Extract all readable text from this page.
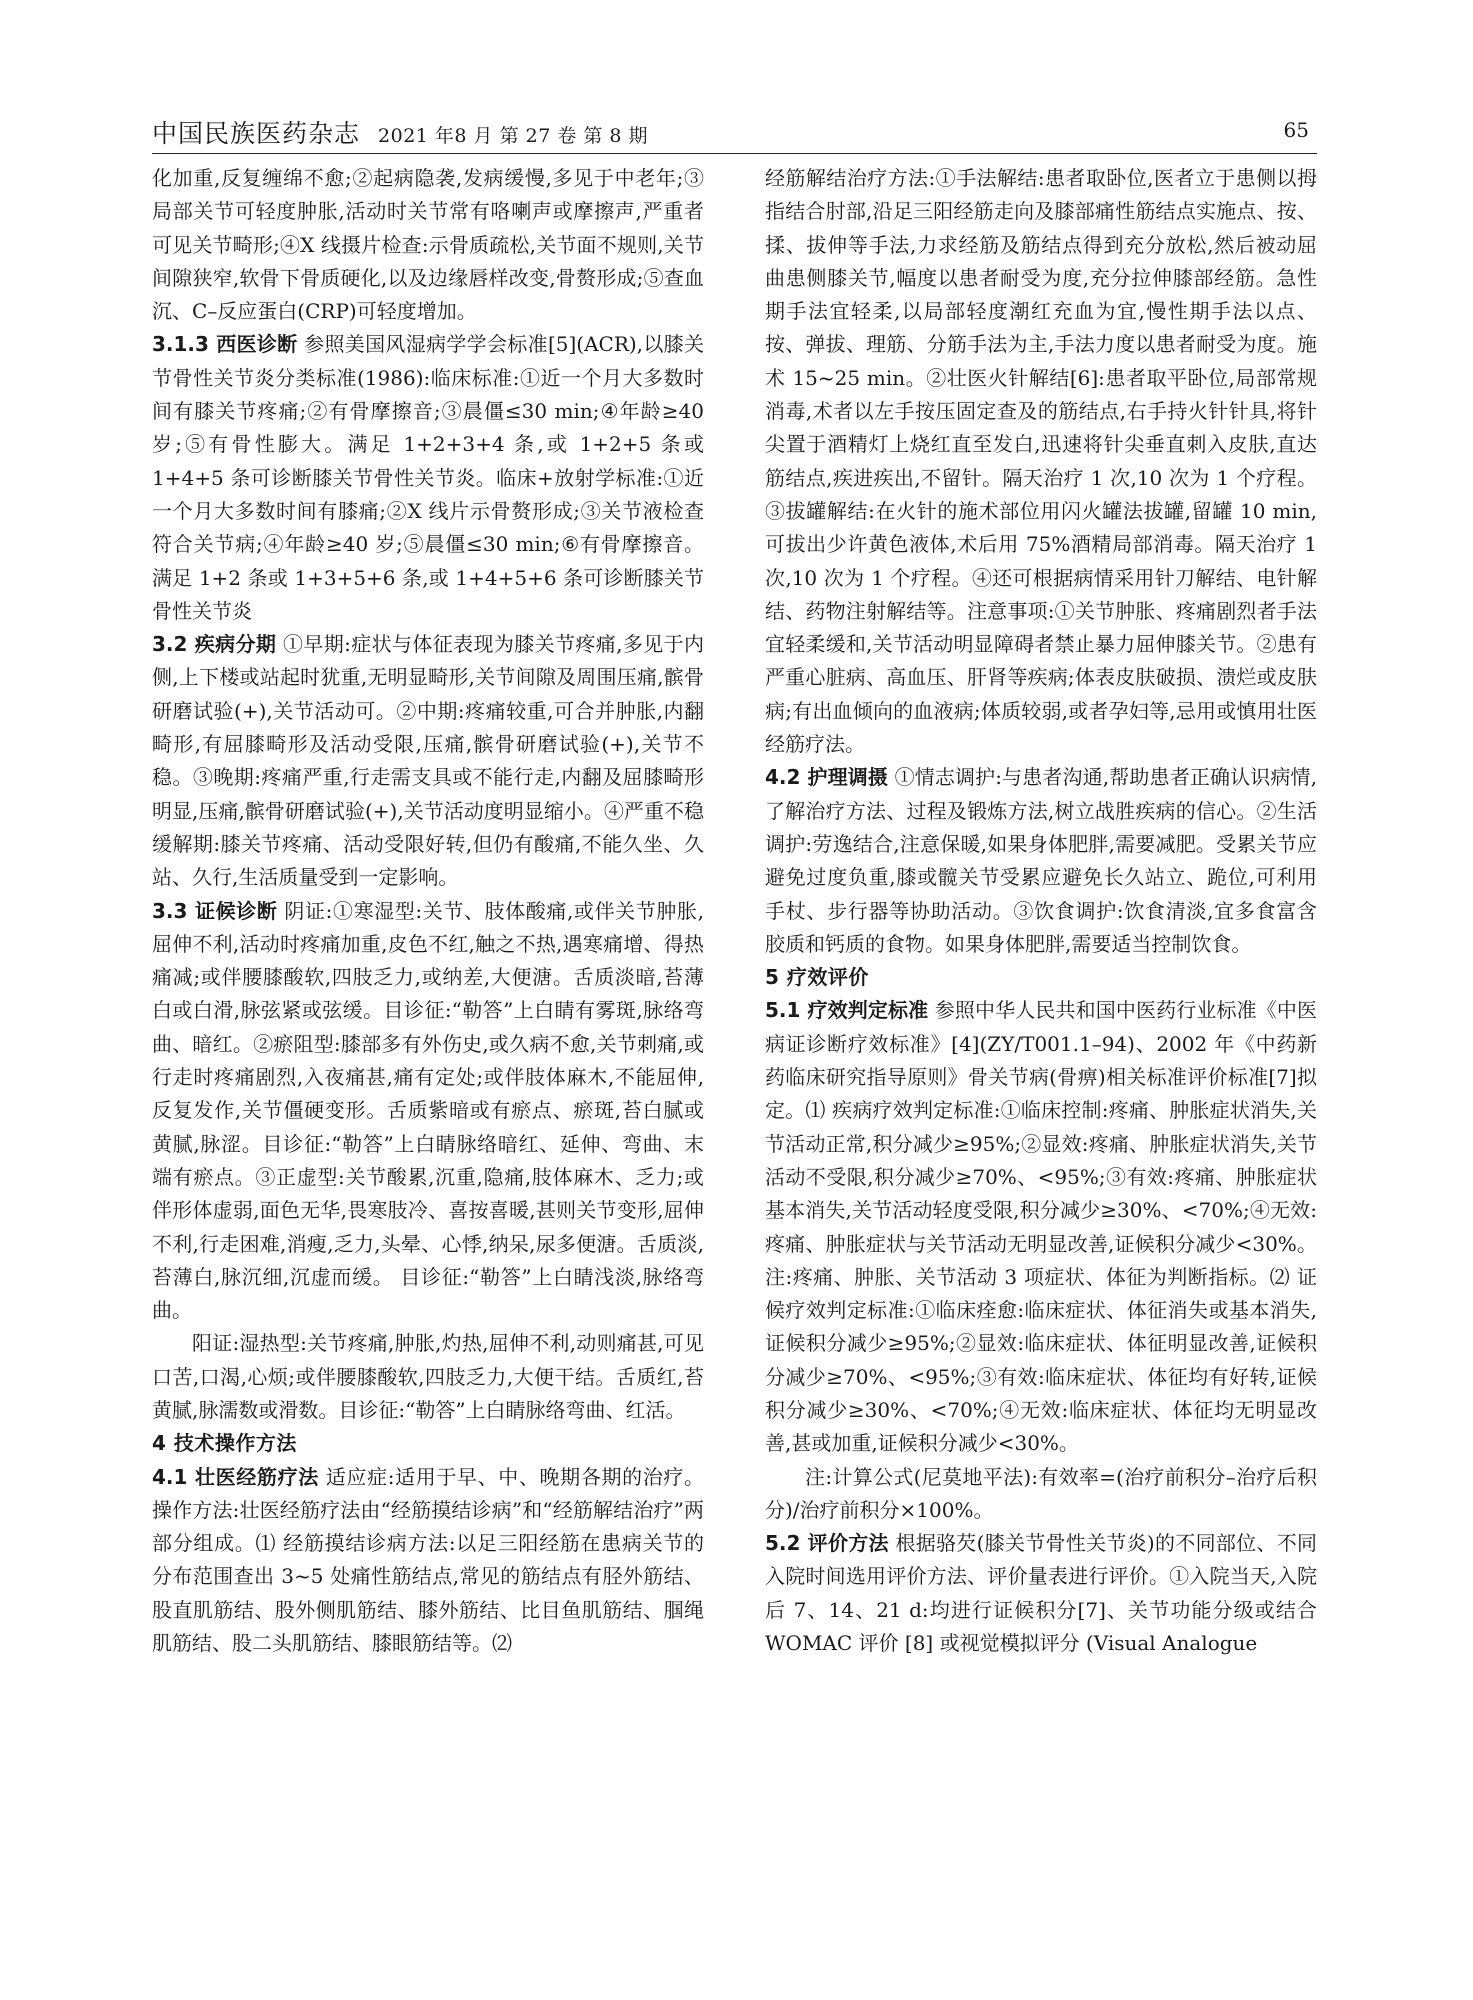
中国民族医药杂志 2021 年8 月 第 27 卷 第 8 期	65

化加重,反复缠绵不愈;②起病隐袭,发病缓慢,多见于中老年;③局部关节可轻度肿胀,活动时关节常有咯喇声或摩擦声,严重者可见关节畸形;④X 线摄片检查:示骨质疏松,关节面不规则,关节间隙狭窄,软骨下骨质硬化,以及边缘唇样改变,骨赘形成;⑤查血沉、C–反应蛋白(CRP)可轻度增加。

3.1.3 西医诊断 参照美国风湿病学学会标准[5](ACR),以膝关节骨性关节炎分类标准(1986):临床标准:①近一个月大多数时间有膝关节疼痛;②有骨摩擦音;③晨僵≤30 min;④年龄≥40 岁;⑤有骨性膨大。满足 1+2+3+4 条,或 1+2+5 条或 1+4+5 条可诊断膝关节骨性关节炎。临床+放射学标准:①近一个月大多数时间有膝痛;②X 线片示骨赘形成;③关节液检查符合关节病;④年龄≥40 岁;⑤晨僵≤30 min;⑥有骨摩擦音。满足 1+2 条或 1+3+5+6 条,或 1+4+5+6 条可诊断膝关节骨性关节炎

3.2 疾病分期 ①早期:症状与体征表现为膝关节疼痛,多见于内侧,上下楼或站起时犹重,无明显畸形,关节间隙及周围压痛,髌骨研磨试验(+),关节活动可。②中期:疼痛较重,可合并肿胀,内翻畸形,有屈膝畸形及活动受限,压痛,髌骨研磨试验(+),关节不稳。③晚期:疼痛严重,行走需支具或不能行走,内翻及屈膝畸形明显,压痛,髌骨研磨试验(+),关节活动度明显缩小。④严重不稳缓解期:膝关节疼痛、活动受限好转,但仍有酸痛,不能久坐、久站、久行,生活质量受到一定影响。

3.3 证候诊断 阴证:①寒湿型:关节、肢体酸痛,或伴关节肿胀,屈伸不利,活动时疼痛加重,皮色不红,触之不热,遇寒痛增、得热痛减;或伴腰膝酸软,四肢乏力,或纳差,大便溏。舌质淡暗,苔薄白或白滑,脉弦紧或弦缓。目诊征:“勒答”上白睛有雾斑,脉络弯曲、暗红。②瘀阻型:膝部多有外伤史,或久病不愈,关节刺痛,或行走时疼痛剧烈,入夜痛甚,痛有定处;或伴肢体麻木,不能屈伸,反复发作,关节僵硬变形。舌质紫暗或有瘀点、瘀斑,苔白腻或黄腻,脉涩。目诊征:“勒答”上白睛脉络暗红、延伸、弯曲、末端有瘀点。③正虚型:关节酸累,沉重,隐痛,肢体麻木、乏力;或伴形体虚弱,面色无华,畏寒肢冷、喜按喜暖,甚则关节变形,屈伸不利,行走困难,消瘦,乏力,头晕、心悸,纳呆,尿多便溏。舌质淡,苔薄白,脉沉细,沉虚而缓。 目诊征:“勒答”上白睛浅淡,脉络弯曲。

阳证:湿热型:关节疼痛,肿胀,灼热,屈伸不利,动则痛甚,可见口苦,口渴,心烦;或伴腰膝酸软,四肢乏力,大便干结。舌质红,苔黄腻,脉濡数或滑数。目诊征:“勒答”上白睛脉络弯曲、红活。

4 技术操作方法

4.1 壮医经筋疗法 适应症:适用于早、中、晚期各期的治疗。操作方法:壮医经筋疗法由“经筋摸结诊病”和“经筋解结治疗”两部分组成。⑴ 经筋摸结诊病方法:以足三阳经筋在患病关节的分布范围查出 3~5 处痛性筋结点,常见的筋结点有胫外筋结、股直肌筋结、股外侧肌筋结、膝外筋结、比目鱼肌筋结、腘绳肌筋结、股二头肌筋结、膝眼筋结等。⑵

经筋解结治疗方法:①手法解结:患者取卧位,医者立于患侧以拇指结合肘部,沿足三阳经筋走向及膝部痛性筋结点实施点、按、揉、拔伸等手法,力求经筋及筋结点得到充分放松,然后被动屈曲患侧膝关节,幅度以患者耐受为度,充分拉伸膝部经筋。急性期手法宜轻柔,以局部轻度潮红充血为宜,慢性期手法以点、按、弹拔、理筋、分筋手法为主,手法力度以患者耐受为度。施术 15~25 min。②壮医火针解结[6]:患者取平卧位,局部常规消毒,术者以左手按压固定查及的筋结点,右手持火针针具,将针尖置于酒精灯上烧红直至发白,迅速将针尖垂直刺入皮肤,直达筋结点,疾进疾出,不留针。隔天治疗 1 次,10 次为 1 个疗程。③拔罐解结:在火针的施术部位用闪火罐法拔罐,留罐 10 min,可拔出少许黄色液体,术后用 75%酒精局部消毒。隔天治疗 1 次,10 次为 1 个疗程。④还可根据病情采用针刀解结、电针解结、药物注射解结等。注意事项:①关节肿胀、疼痛剧烈者手法宜轻柔缓和,关节活动明显障碍者禁止暴力屈伸膝关节。②患有严重心脏病、高血压、肝肾等疾病;体表皮肤破损、溃烂或皮肤病;有出血倾向的血液病;体质较弱,或者孕妇等,忌用或慎用壮医经筋疗法。

4.2 护理调摄 ①情志调护:与患者沟通,帮助患者正确认识病情,了解治疗方法、过程及锻炼方法,树立战胜疾病的信心。②生活调护:劳逸结合,注意保暖,如果身体肥胖,需要减肥。受累关节应避免过度负重,膝或髋关节受累应避免长久站立、跪位,可利用手杖、步行器等协助活动。③饮食调护:饮食清淡,宜多食富含胶质和钙质的食物。如果身体肥胖,需要适当控制饮食。

5 疗效评价

5.1 疗效判定标准 参照中华人民共和国中医药行业标准《中医病证诊断疗效标准》[4](ZY/T001.1–94)、2002 年《中药新药临床研究指导原则》骨关节病(骨痹)相关标准评价标准[7]拟定。⑴ 疾病疗效判定标准:①临床控制:疼痛、肿胀症状消失,关节活动正常,积分减少≥95%;②显效:疼痛、肿胀症状消失,关节活动不受限,积分减少≥70%、<95%;③有效:疼痛、肿胀症状基本消失,关节活动轻度受限,积分减少≥30%、<70%;④无效:疼痛、肿胀症状与关节活动无明显改善,证候积分减少<30%。注:疼痛、肿胀、关节活动 3 项症状、体征为判断指标。⑵ 证候疗效判定标准:①临床痊愈:临床症状、体征消失或基本消失,证候积分减少≥95%;②显效:临床症状、体征明显改善,证候积分减少≥70%、<95%;③有效:临床症状、体征均有好转,证候积分减少≥30%、<70%;④无效:临床症状、体征均无明显改善,甚或加重,证候积分减少<30%。

注:计算公式(尼莫地平法):有效率=(治疗前积分–治疗后积分)/治疗前积分×100%。

5.2 评价方法 根据骆芡(膝关节骨性关节炎)的不同部位、不同入院时间选用评价方法、评价量表进行评价。①入院当天,入院后 7、14、21 d:均进行证候积分[7]、关节功能分级或结合 WOMAC 评价 [8] 或视觉模拟评分 (Visual Analogue
